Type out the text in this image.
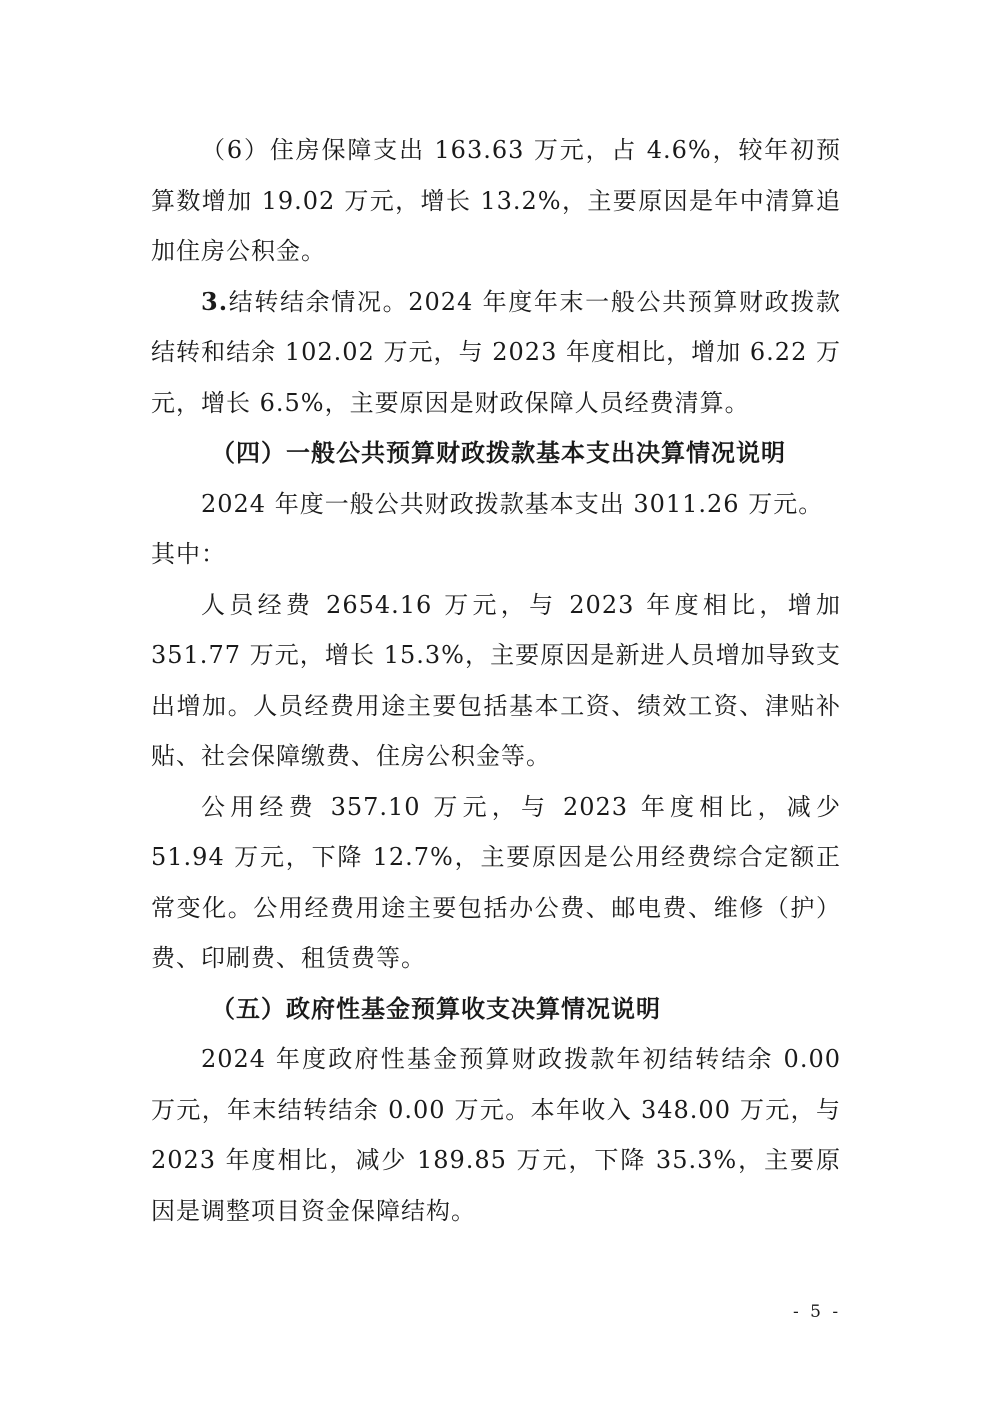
（6）住房保障支出 163.63 万元，占 4.6%，较年初预算数增加 19.02 万元，增长 13.2%，主要原因是年中清算追加住房公积金。

3.结转结余情况。2024 年度年末一般公共预算财政拨款结转和结余 102.02 万元，与 2023 年度相比，增加 6.22 万元，增长 6.5%，主要原因是财政保障人员经费清算。

（四）一般公共预算财政拨款基本支出决算情况说明

2024 年度一般公共财政拨款基本支出 3011.26 万元。

其中：

人员经费 2654.16 万元，与 2023 年度相比，增加 351.77 万元，增长 15.3%，主要原因是新进人员增加导致支出增加。人员经费用途主要包括基本工资、绩效工资、津贴补贴、社会保障缴费、住房公积金等。

公用经费 357.10 万元，与 2023 年度相比，减少 51.94 万元，下降 12.7%，主要原因是公用经费综合定额正常变化。公用经费用途主要包括办公费、邮电费、维修（护）费、印刷费、租赁费等。

（五）政府性基金预算收支决算情况说明

2024 年度政府性基金预算财政拨款年初结转结余 0.00 万元，年末结转结余 0.00 万元。本年收入 348.00 万元，与 2023 年度相比，减少 189.85 万元，下降 35.3%，主要原因是调整项目资金保障结构。

- 5 -
